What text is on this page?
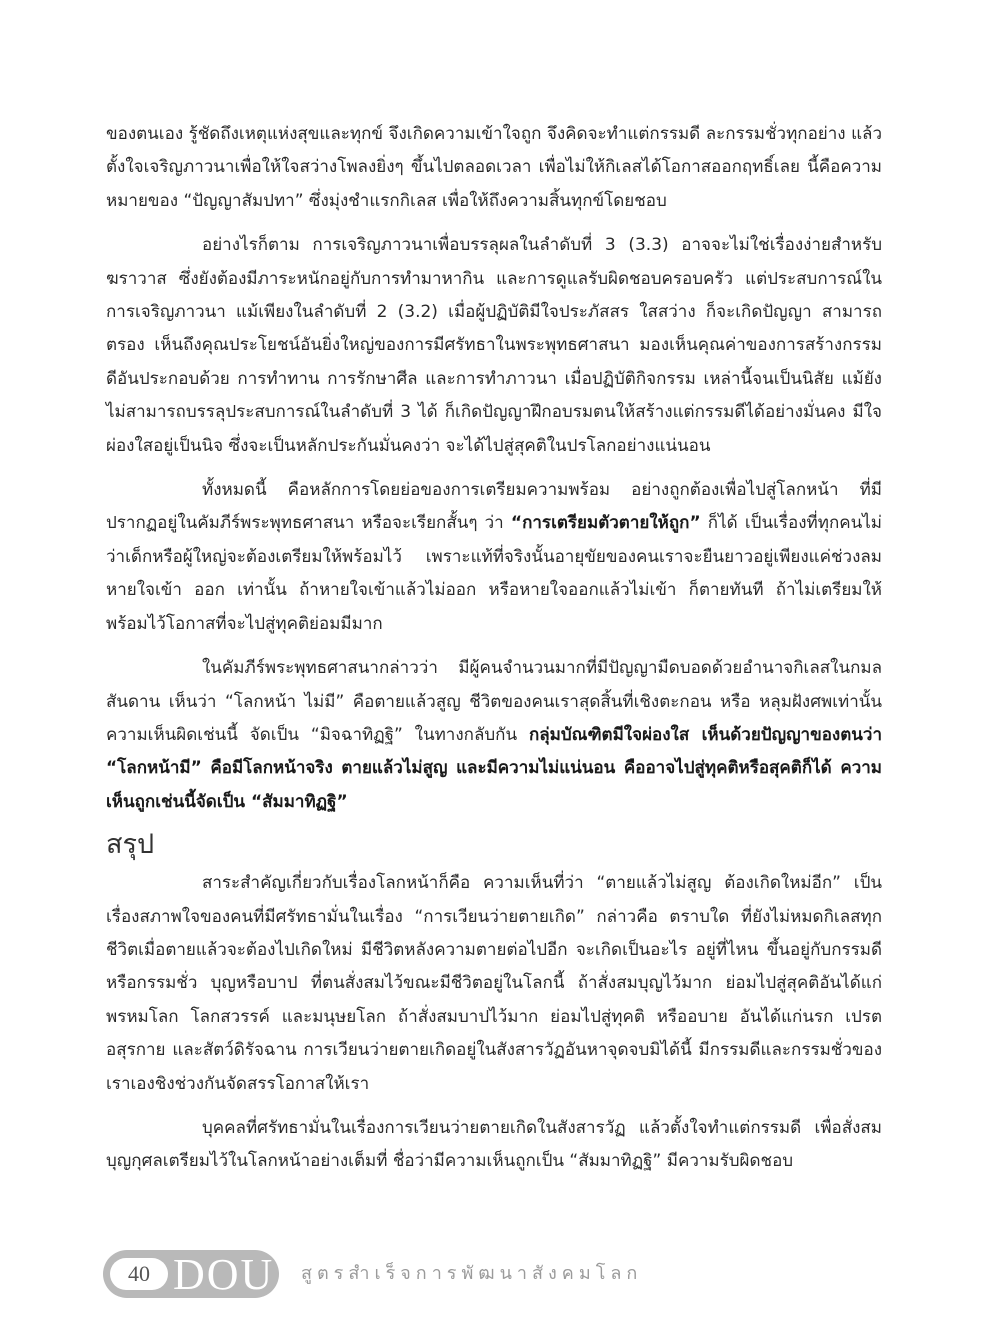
ของตนเอง รู้ชัดถึงเหตุแห่งสุขและทุกข์ จึงเกิดความเข้าใจถูก จึงคิดจะทำแต่กรรมดี ละกรรมชั่วทุกอย่าง แล้วตั้งใจเจริญภาวนาเพื่อให้ใจสว่างโพลงยิ่งๆ ขึ้นไปตลอดเวลา เพื่อไม่ให้กิเลสได้โอกาสออกฤทธิ์เลย นี้คือความหมายของ “ปัญญาสัมปทา” ซึ่งมุ่งชำแรกกิเลส เพื่อให้ถึงความสิ้นทุกข์โดยชอบ

อย่างไรก็ตาม การเจริญภาวนาเพื่อบรรลุผลในลำดับที่ 3 (3.3) อาจจะไม่ใช่เรื่องง่ายสำหรับฆราวาส ซึ่งยังต้องมีภาระหนักอยู่กับการทำมาหากิน และการดูแลรับผิดชอบครอบครัว แต่ประสบการณ์ในการเจริญภาวนา แม้เพียงในลำดับที่ 2 (3.2) เมื่อผู้ปฏิบัติมีใจประภัสสร ใสสว่าง ก็จะเกิดปัญญา สามารถตรอง เห็นถึงคุณประโยชน์อันยิ่งใหญ่ของการมีศรัทธาในพระพุทธศาสนา มองเห็นคุณค่าของการสร้างกรรมดีอันประกอบด้วย การทำทาน การรักษาศีล และการทำภาวนา เมื่อปฏิบัติกิจกรรม เหล่านี้จนเป็นนิสัย แม้ยังไม่สามารถบรรลุประสบการณ์ในลำดับที่ 3 ได้ ก็เกิดปัญญาฝึกอบรมตนให้สร้างแต่กรรมดีได้อย่างมั่นคง มีใจผ่องใสอยู่เป็นนิจ ซึ่งจะเป็นหลักประกันมั่นคงว่า จะได้ไปสู่สุคติในปรโลกอย่างแน่นอน

ทั้งหมดนี้ คือหลักการโดยย่อของการเตรียมความพร้อม อย่างถูกต้องเพื่อไปสู่โลกหน้า ที่มีปรากฏอยู่ในคัมภีร์พระพุทธศาสนา หรือจะเรียกสั้นๆ ว่า “การเตรียมตัวตายให้ถูก” ก็ได้ เป็นเรื่องที่ทุกคนไม่ว่าเด็กหรือผู้ใหญ่จะต้องเตรียมให้พร้อมไว้ เพราะแท้ที่จริงนั้นอายุขัยของคนเราจะยืนยาวอยู่เพียงแค่ช่วงลมหายใจเข้า ออก เท่านั้น ถ้าหายใจเข้าแล้วไม่ออก หรือหายใจออกแล้วไม่เข้า ก็ตายทันที ถ้าไม่เตรียมให้พร้อมไว้โอกาสที่จะไปสู่ทุคติย่อมมีมาก

ในคัมภีร์พระพุทธศาสนากล่าวว่า มีผู้คนจำนวนมากที่มีปัญญามืดบอดด้วยอำนาจกิเลสในกมลสันดาน เห็นว่า “โลกหน้า ไม่มี” คือตายแล้วสูญ ชีวิตของคนเราสุดสิ้นที่เชิงตะกอน หรือ หลุมฝังศพเท่านั้น ความเห็นผิดเช่นนี้ จัดเป็น “มิจฉาทิฏฐิ” ในทางกลับกัน กลุ่มบัณฑิตมีใจผ่องใส เห็นด้วยปัญญาของตนว่า “โลกหน้ามี” คือมีโลกหน้าจริง ตายแล้วไม่สูญ และมีความไม่แน่นอน คืออาจไปสู่ทุคติหรือสุคติก็ได้ ความเห็นถูกเช่นนี้จัดเป็น “สัมมาทิฏฐิ”

สรุป

สาระสำคัญเกี่ยวกับเรื่องโลกหน้าก็คือ ความเห็นที่ว่า “ตายแล้วไม่สูญ ต้องเกิดใหม่อีก” เป็นเรื่องสภาพใจของคนที่มีศรัทธามั่นในเรื่อง “การเวียนว่ายตายเกิด” กล่าวคือ ตราบใด ที่ยังไม่หมดกิเลสทุกชีวิตเมื่อตายแล้วจะต้องไปเกิดใหม่ มีชีวิตหลังความตายต่อไปอีก จะเกิดเป็นอะไร อยู่ที่ไหน ขึ้นอยู่กับกรรมดีหรือกรรมชั่ว บุญหรือบาป ที่ตนสั่งสมไว้ขณะมีชีวิตอยู่ในโลกนี้ ถ้าสั่งสมบุญไว้มาก ย่อมไปสู่สุคติอันได้แก่ พรหมโลก โลกสวรรค์ และมนุษยโลก ถ้าสั่งสมบาปไว้มาก ย่อมไปสู่ทุคติ หรืออบาย อันได้แก่นรก เปรต อสุรกาย และสัตว์ดิรัจฉาน การเวียนว่ายตายเกิดอยู่ในสังสารวัฏอันหาจุดจบมิได้นี้ มีกรรมดีและกรรมชั่วของเราเองชิงช่วงกันจัดสรรโอกาสให้เรา

บุคคลที่ศรัทธามั่นในเรื่องการเวียนว่ายตายเกิดในสังสารวัฏ แล้วตั้งใจทำแต่กรรมดี เพื่อสั่งสมบุญกุศลเตรียมไว้ในโลกหน้าอย่างเต็มที่ ชื่อว่ามีความเห็นถูกเป็น “สัมมาทิฏฐิ” มีความรับผิดชอบ

40 DOU สูตรสำเร็จการพัฒนาสังคมโลก
